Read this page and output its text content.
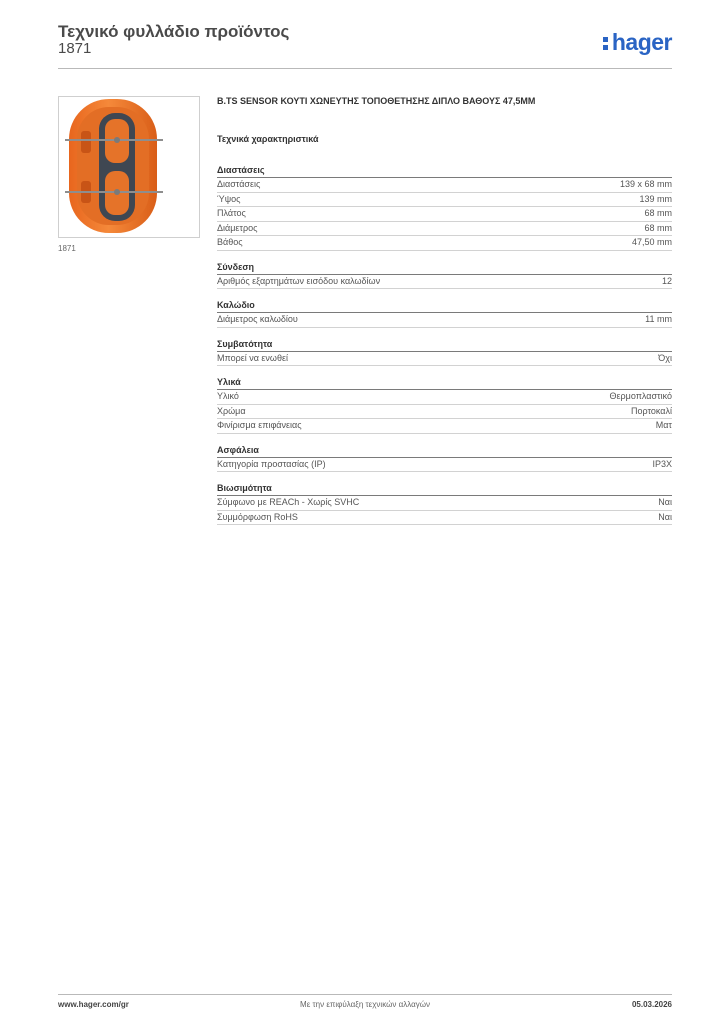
Τεχνικό φυλλάδιο προϊόντος
1871	hager
1871
B.TS SENSOR ΚΟΥΤΙ ΧΩΝΕΥΤΗΣ ΤΟΠΟΘΕΤΗΣΗΣ ΔΙΠΛΟ ΒΑΘΟΥΣ 47,5MM
Τεχνικά χαρακτηριστικά
Διαστάσεις
Διαστάσεις	139 x 68 mm
Ύψος	139 mm
Πλάτος	68 mm
Διάμετρος	68 mm
Βάθος	47,50 mm
Σύνδεση
Αριθμός εξαρτημάτων εισόδου καλωδίων	12
Καλώδιο
Διάμετρος καλωδίου	11 mm
Συμβατότητα
Μπορεί να ενωθεί	Όχι
Υλικά
Υλικό	Θερμοπλαστικό
Χρώμα	Πορτοκαλί
Φινίρισμα επιφάνειας	Ματ
Ασφάλεια
Κατηγορία προστασίας (IP)	IP3X
Βιωσιμότητα
Σύμφωνο με REACh - Χωρίς SVHC	Ναι
Συμμόρφωση RoHS	Ναι
www.hager.com/gr	Με την επιφύλαξη τεχνικών αλλαγών	05.03.2026
